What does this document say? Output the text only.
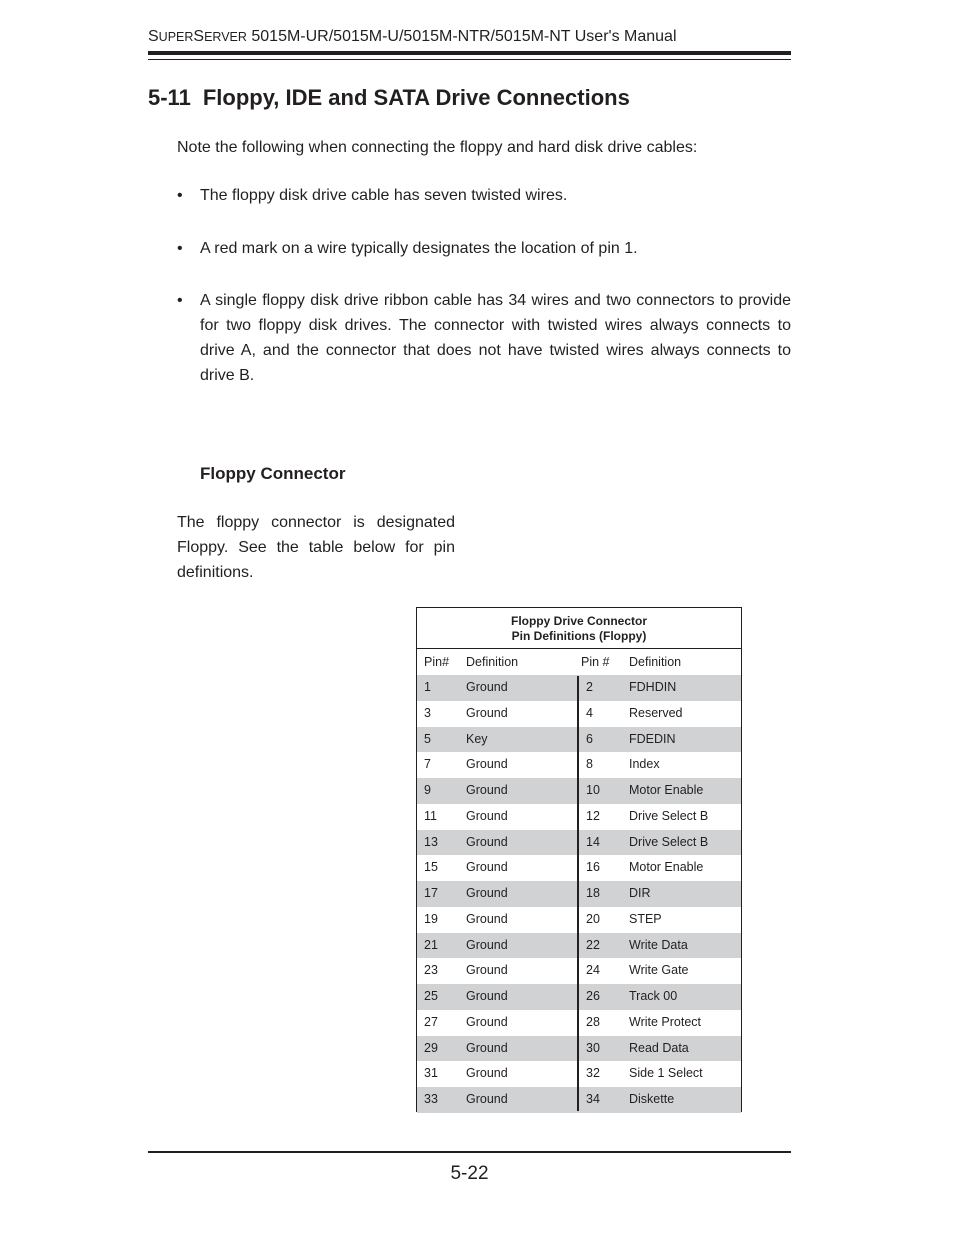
SUPERSERVER 5015M-UR/5015M-U/5015M-NTR/5015M-NT User's Manual
5-11 Floppy, IDE and SATA Drive Connections

Note the following when connecting the floppy and hard disk drive cables:

•	The floppy disk drive cable has seven twisted wires.
•	A red mark on a wire typically designates the location of pin 1.
•	A single floppy disk drive ribbon cable has 34 wires and two connectors to provide for two floppy disk drives. The connector with twisted wires always connects to drive A, and the connector that does not have twisted wires always connects to drive B.
Floppy Connector

The floppy connector is designated Floppy. See the table below for pin definitions.

Floppy Drive Connector
Pin Definitions (Floppy)
Pin# Definition	Pin # Definition
1	Ground	2	FDHDIN
3	Ground	4	Reserved
5	Key	6	FDEDIN
7	Ground	8	Index
9	Ground	10 Motor Enable
11 Ground	12 Drive Select B
13 Ground	14 Drive Select B
15 Ground	16 Motor Enable
17 Ground	18 DIR
19 Ground	20 STEP
21 Ground	22 Write Data
23 Ground	24 Write Gate
25 Ground	26 Track 00
27 Ground	28 Write Protect
29 Ground	30 Read Data
31 Ground	32 Side 1 Select
33 Ground	34 Diskette
5-22
